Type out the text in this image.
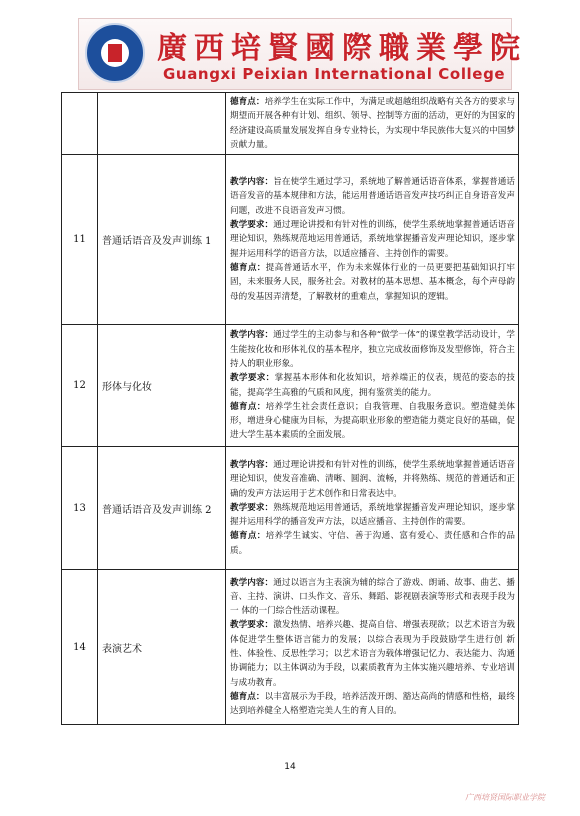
廣西培賢國際職業學院
Guangxi Peixian International College

		德育点：培养学生在实际工作中，为满足或超越组织战略有关各方的要求与期望而开展各种有计划、组织、领导、控制等方面的活动，更好的为国家的经济建设高质量发展发挥自身专业特长，为实现中华民族伟大复兴的中国梦贡献力量。

11	普通话语音及发声训练 1	教学内容：旨在使学生通过学习，系统地了解普通话语音体系，掌握普通话语音发音的基本规律和方法，能运用普通话语音发声技巧纠正自身语音发声问题，改进不良语音发声习惯。

教学要求：通过理论讲授和有针对性的训练，使学生系统地掌握普通话语音理论知识，熟练规范地运用普通话，系统地掌握播音发声理论知识，逐步掌握并运用科学的语音方法，以适应播音、主持创作的需要。

德育点：提高普通话水平，作为未来媒体行业的一员更要把基础知识打牢固，未来服务人民，服务社会。对教材的基本思想、基本概念，每个声母韵母的发基因弄清楚，了解教材的重难点，掌握知识的逻辑。

12	形体与化妆	教学内容：通过学生的主动参与和各种“做学一体”的课堂教学活动设计，学生能按化妆和形体礼仪的基本程序，独立完成妆面修饰及发型修饰，符合主持人的职业形象。

教学要求：掌握基本形体和化妆知识，培养端正的仪表，规范的姿态的技能，提高学生高雅的气质和风度，拥有鉴赏美的能力。

德育点：培养学生社会责任意识；自我管理、自我服务意识。塑造健美体形，增进身心健康为目标，为提高职业形象的塑造能力奠定良好的基础，促进大学生基本素质的全面发展。

13	普通话语音及发声训练 2	教学内容：通过理论讲授和有针对性的训练，使学生系统地掌握普通话语音理论知识，使发音准确、清晰、圆润、流畅，并将熟练、规范的普通话和正确的发声方法运用于艺术创作和日常表达中。

教学要求：熟练规范地运用普通话，系统地掌握播音发声理论知识，逐步掌握并运用科学的播音发声方法，以适应播音、主持创作的需要。

德育点：培养学生诚实、守信、善于沟通、富有爱心、责任感和合作的品质。

14	表演艺术	教学内容：通过以语言为主表演为辅的综合了游戏、朗诵、故事、曲艺、播音、主持、演讲、口头作文、音乐、舞蹈、影视剧表演等形式和表现手段为一 体的一门综合性活动课程。

教学要求：激发热情、培养兴趣、提高自信、增强表现欲；以艺术语言为载体促进学生整体语言能力的发展；以综合表现为手段鼓励学生进行创 新性、体验性、反思性学习；以艺术语言为载体增强记忆力、表达能力、沟通协调能力；以主体调动为手段，以素质教育为主体实施兴趣培养、专业培训与成功教育。

德育点：以丰富展示为手段，培养活泼开朗、豁达高尚的情感和性格，最终达到培养健全人格塑造完美人生的育人目的。

14
广西培贤国际职业学院
